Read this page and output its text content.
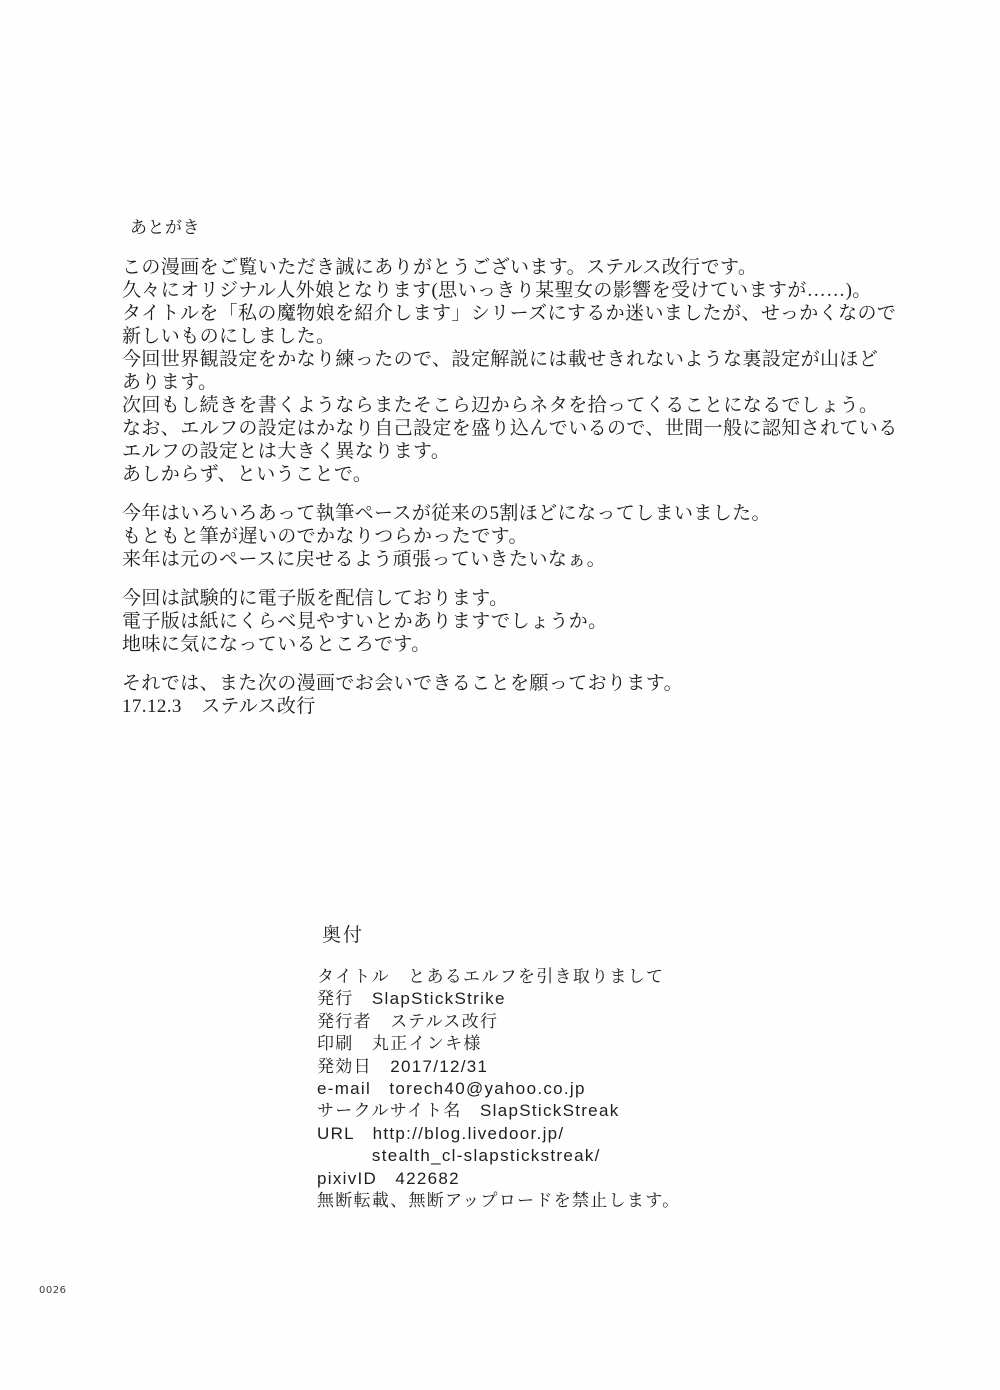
あとがき
この漫画をご覧いただき誠にありがとうございます。ステルス改行です。
久々にオリジナル人外娘となります(思いっきり某聖女の影響を受けていますが……)。
タイトルを「私の魔物娘を紹介します」シリーズにするか迷いましたが、せっかくなので
新しいものにしました。
今回世界観設定をかなり練ったので、設定解説には載せきれないような裏設定が山ほど
あります。
次回もし続きを書くようならまたそこら辺からネタを拾ってくることになるでしょう。
なお、エルフの設定はかなり自己設定を盛り込んでいるので、世間一般に認知されている
エルフの設定とは大きく異なります。
あしからず、ということで。
今年はいろいろあって執筆ペースが従来の5割ほどになってしまいました。
もともと筆が遅いのでかなりつらかったです。
来年は元のペースに戻せるよう頑張っていきたいなぁ。
今回は試験的に電子版を配信しております。
電子版は紙にくらべ見やすいとかありますでしょうか。
地味に気になっているところです。
それでは、また次の漫画でお会いできることを願っております。
17.12.3　ステルス改行
奥付
タイトル　とあるエルフを引き取りまして
発行　SlapStickStrike
発行者　ステルス改行
印刷　丸正インキ様
発効日　2017/12/31
e-mail　torech40@yahoo.co.jp
サークルサイト名　SlapStickStreak
URL　http://blog.livedoor.jp/
　　　stealth_cl-slapstickstreak/
pixivID　422682
無断転載、無断アップロードを禁止します。
0026
